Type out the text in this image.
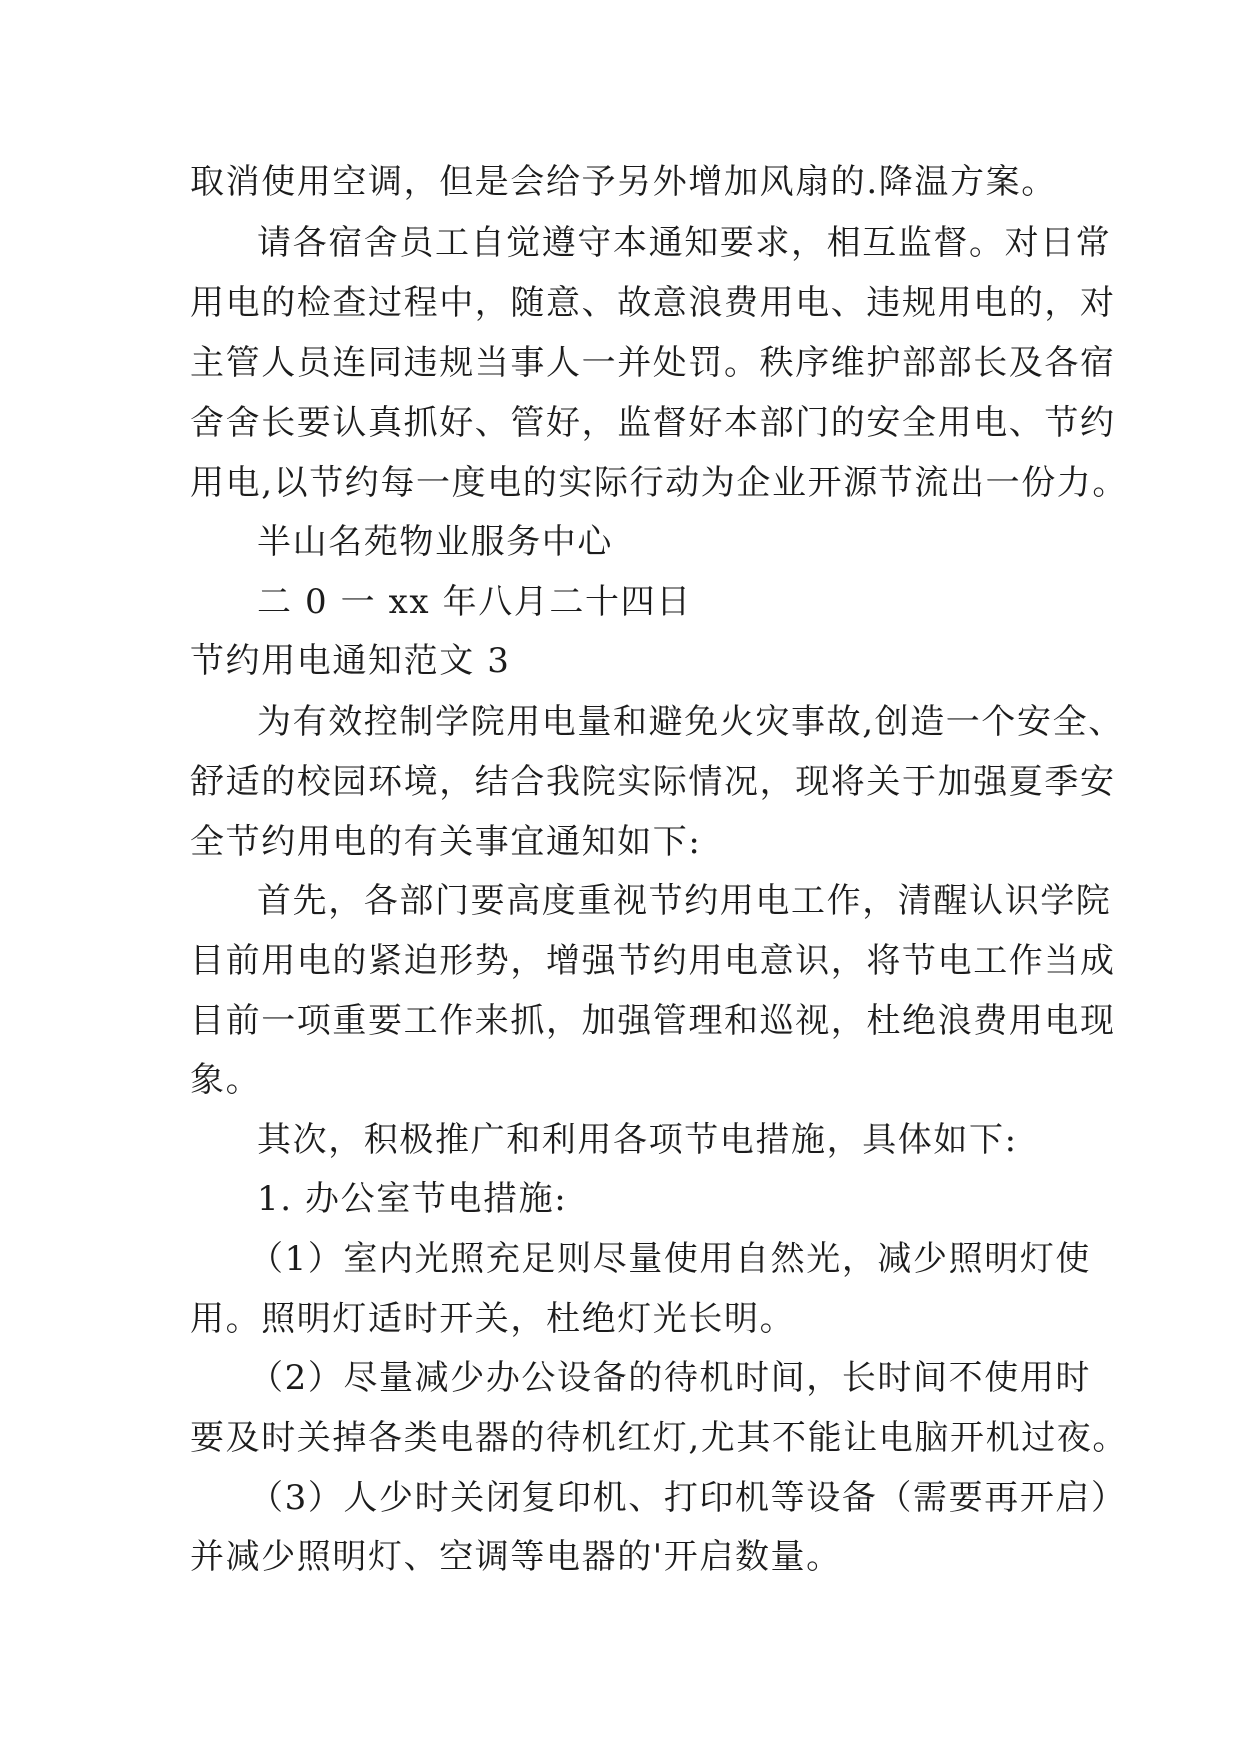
取消使用空调，但是会给予另外增加风扇的.降温方案。

请各宿舍员工自觉遵守本通知要求，相互监督。对日常

用电的检查过程中，随意、故意浪费用电、违规用电的，对

主管人员连同违规当事人一并处罚。秩序维护部部长及各宿

舍舍长要认真抓好、管好，监督好本部门的安全用电、节约

用电,以节约每一度电的实际行动为企业开源节流出一份力。

半山名苑物业服务中心

二 0 一 xx 年八月二十四日

节约用电通知范文 3

为有效控制学院用电量和避免火灾事故,创造一个安全、

舒适的校园环境，结合我院实际情况，现将关于加强夏季安

全节约用电的有关事宜通知如下:

首先，各部门要高度重视节约用电工作，清醒认识学院

目前用电的紧迫形势，增强节约用电意识，将节电工作当成

目前一项重要工作来抓，加强管理和巡视，杜绝浪费用电现

象。

其次，积极推广和利用各项节电措施，具体如下:

1. 办公室节电措施:

（1）室内光照充足则尽量使用自然光，减少照明灯使

用。照明灯适时开关，杜绝灯光长明。

（2）尽量减少办公设备的待机时间，长时间不使用时

要及时关掉各类电器的待机红灯,尤其不能让电脑开机过夜。

（3）人少时关闭复印机、打印机等设备（需要再开启）

并减少照明灯、空调等电器的'开启数量。
